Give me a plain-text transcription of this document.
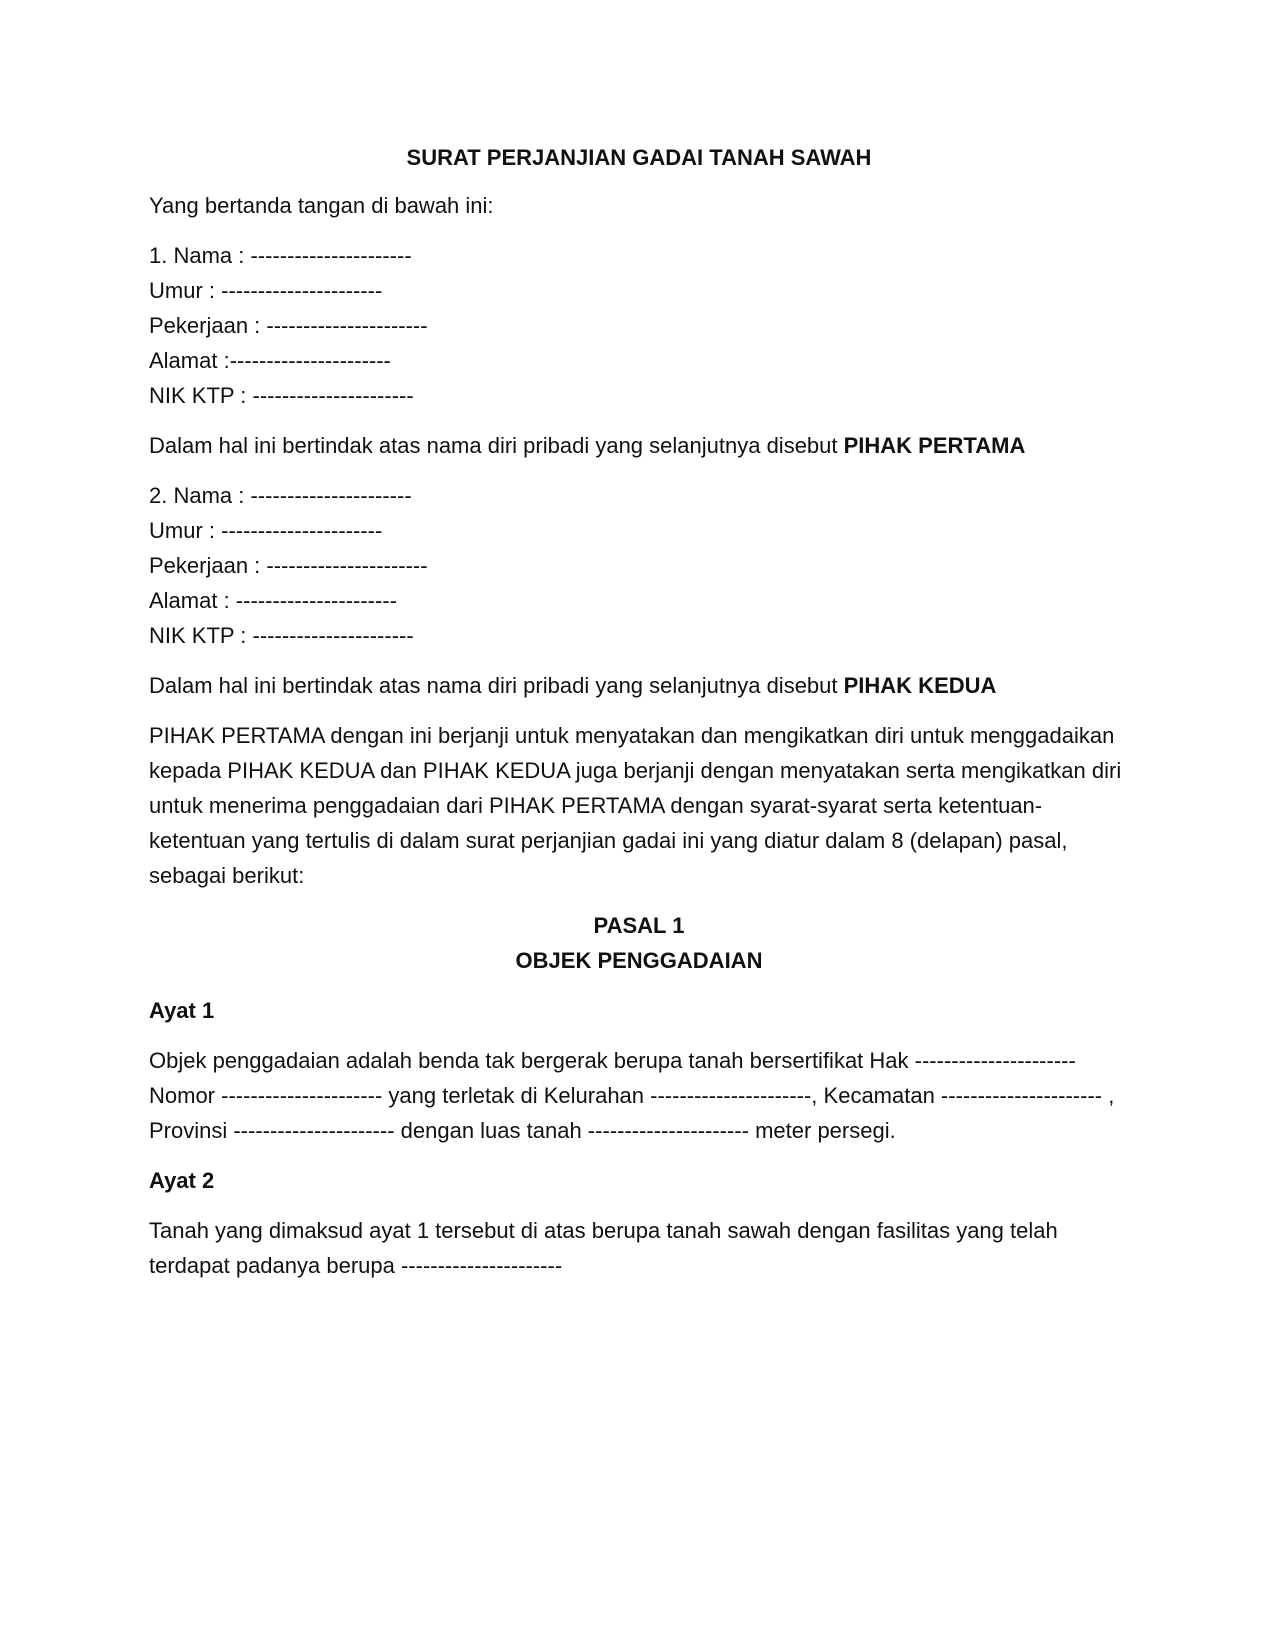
SURAT PERJANJIAN GADAI TANAH SAWAH

Yang bertanda tangan di bawah ini:

1. Nama : ----------------------
Umur : ----------------------
Pekerjaan : ----------------------
Alamat :----------------------
NIK KTP : ----------------------

Dalam hal ini bertindak atas nama diri pribadi yang selanjutnya disebut PIHAK PERTAMA

2. Nama : ----------------------
Umur : ----------------------
Pekerjaan : ----------------------
Alamat : ----------------------
NIK KTP : ----------------------

Dalam hal ini bertindak atas nama diri pribadi yang selanjutnya disebut PIHAK KEDUA

PIHAK PERTAMA dengan ini berjanji untuk menyatakan dan mengikatkan diri untuk menggadaikan kepada PIHAK KEDUA dan PIHAK KEDUA juga berjanji dengan menyatakan serta mengikatkan diri untuk menerima penggadaian dari PIHAK PERTAMA dengan syarat-syarat serta ketentuan-ketentuan yang tertulis di dalam surat perjanjian gadai ini yang diatur dalam 8 (delapan) pasal, sebagai berikut:

PASAL 1
OBJEK PENGGADAIAN
Ayat 1

Objek penggadaian adalah benda tak bergerak berupa tanah bersertifikat Hak ---------------------- Nomor ---------------------- yang terletak di Kelurahan ----------------------, Kecamatan ---------------------- , Provinsi ---------------------- dengan luas tanah ---------------------- meter persegi.

Ayat 2

Tanah yang dimaksud ayat 1 tersebut di atas berupa tanah sawah dengan fasilitas yang telah terdapat padanya berupa ----------------------
